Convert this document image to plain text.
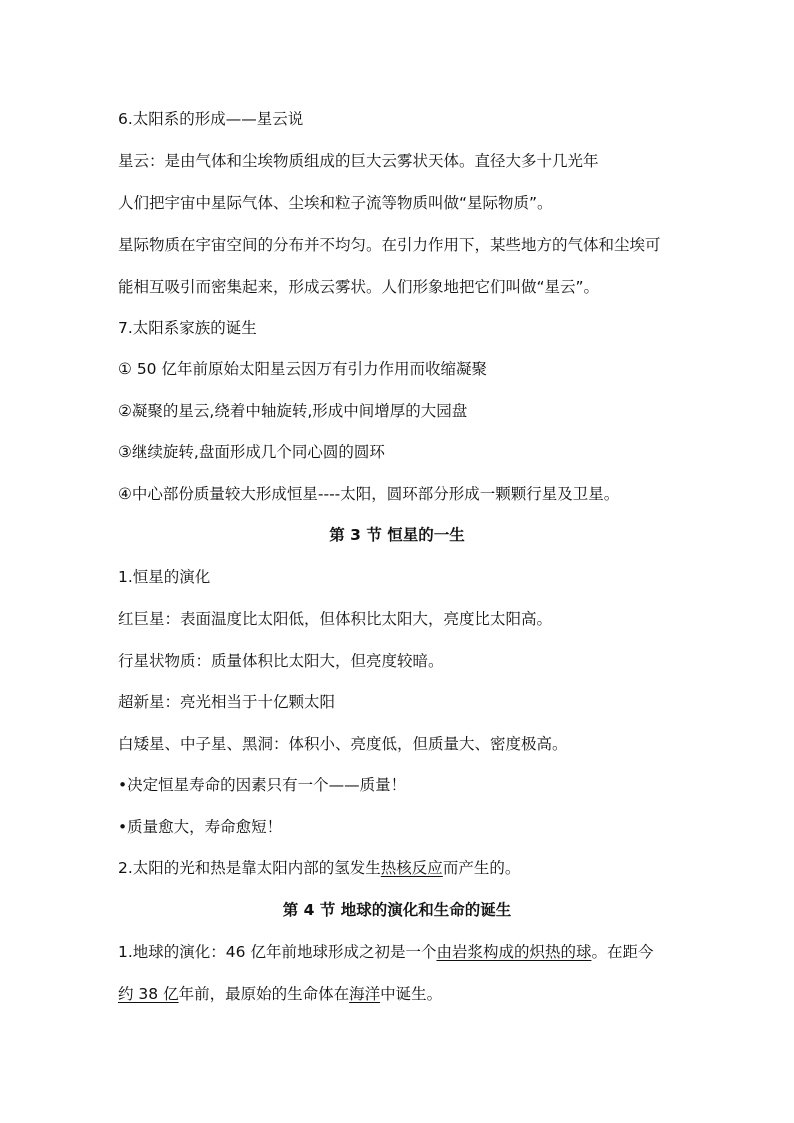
6.太阳系的形成——星云说
星云：是由气体和尘埃物质组成的巨大云雾状天体。直径大多十几光年
人们把宇宙中星际气体、尘埃和粒子流等物质叫做“星际物质”。
星际物质在宇宙空间的分布并不均匀。在引力作用下，某些地方的气体和尘埃可
能相互吸引而密集起来，形成云雾状。人们形象地把它们叫做“星云”。
7.太阳系家族的诞生
① 50 亿年前原始太阳星云因万有引力作用而收缩凝聚
②凝聚的星云,绕着中轴旋转,形成中间增厚的大园盘
③继续旋转,盘面形成几个同心圆的圆环
④中心部份质量较大形成恒星----太阳，圆环部分形成一颗颗行星及卫星。
第 3 节 恒星的一生
1.恒星的演化
红巨星：表面温度比太阳低，但体积比太阳大，亮度比太阳高。
行星状物质：质量体积比太阳大，但亮度较暗。
超新星：亮光相当于十亿颗太阳
白矮星、中子星、黑洞：体积小、亮度低，但质量大、密度极高。
•决定恒星寿命的因素只有一个——质量！
•质量愈大，寿命愈短！
2.太阳的光和热是靠太阳内部的氢发生热核反应而产生的。
第 4 节 地球的演化和生命的诞生
1.地球的演化：46 亿年前地球形成之初是一个由岩浆构成的炽热的球。在距今
约 38 亿年前，最原始的生命体在海洋中诞生。
